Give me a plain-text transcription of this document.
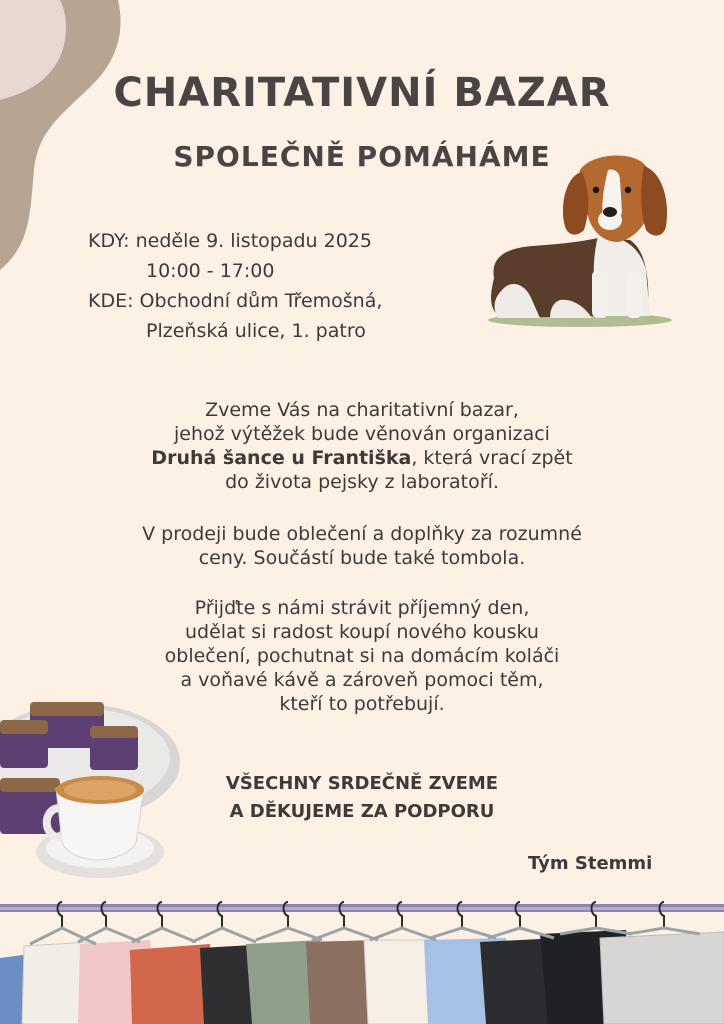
CHARITATIVNÍ BAZAR
SPOLEČNĚ POMÁHÁME
KDY: neděle 9. listopadu 2025
10:00 - 17:00
KDE: Obchodní dům Třemošná,
Plzeňská ulice, 1. patro
Zveme Vás na charitativní bazar,
jehož výtěžek bude věnován organizaci
Druhá šance u Františka, která vrací zpět
do života pejsky z laboratoří.
V prodeji bude oblečení a doplňky za rozumné
ceny. Součástí bude také tombola.
Přijďte s námi strávit příjemný den,
udělat si radost koupí nového kousku
oblečení, pochutnat si na domácím koláči
a voňavé kávě a zároveň pomoci těm,
kteří to potřebují.
VŠECHNY SRDEČNĚ ZVEME
A DĚKUJEME ZA PODPORU
Tým Stemmi
